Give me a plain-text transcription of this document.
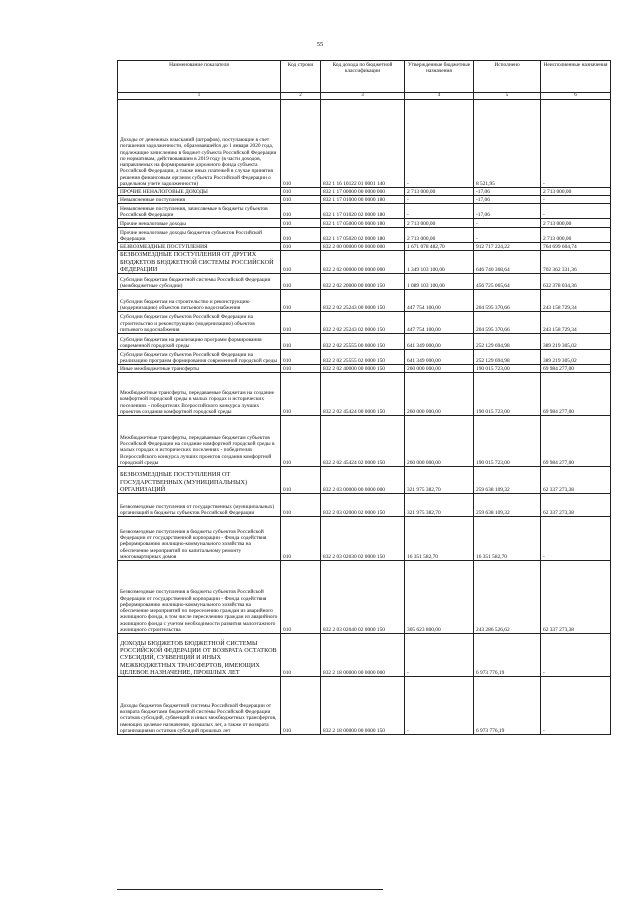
55
Наименование показателя	Код строки	Код дохода по бюджетной классификации	Утвержденные бюджетные назначения	Исполнено	Неисполненные назначения
1	2	3	4	5	6
Доходы от денежных взысканий (штрафов), поступающие в счет погашения задолженности, образовавшейся до 1 января 2020 года, подлежащие зачислению в бюджет субъекта Российской Федерации по нормативам, действовавшим в 2019 году (в части доходов, направляемых на формирование дорожного фонда субъекта Российской Федерации, а также иных платежей в случае принятия решения финансовым органом субъекта Российской Федерации о раздельном учете задолженности)	010	832 1 16 10122 01 0001 140	-	8 521,95	-
ПРОЧИЕ НЕНАЛОГОВЫЕ ДОХОДЫ	010	832 1 17 00000 00 0000 000	2 713 000,00	-17,06	2 713 000,00
Невыясненные поступления	010	832 1 17 01000 00 0000 180	-	-17,06	-
Невыясненные поступления, зачисляемые в бюджеты субъектов Российской Федерации	010	832 1 17 01020 02 0000 180	-	-17,06	-
Прочие неналоговые доходы	010	832 1 17 05000 00 0000 180	2 713 000,00	-	2 713 000,00
Прочие неналоговые доходы бюджетов субъектов Российской Федерации	010	832 1 17 05020 02 0000 180	2 713 000,00	-	2 713 000,00
БЕЗВОЗМЕЗДНЫЕ ПОСТУПЛЕНИЯ	010	832 2 00 00000 00 0000 000	1 671 078 482,70	912 717 224,22	764 699 604,74
БЕЗВОЗМЕЗДНЫЕ ПОСТУПЛЕНИЯ ОТ ДРУГИХ БЮДЖЕТОВ БЮДЖЕТНОЙ СИСТЕМЫ РОССИЙСКОЙ ФЕДЕРАЦИИ	010	832 2 02 00000 00 0000 000	1 349 103 100,00	646 740 368,64	702 362 331,36
Субсидии бюджетам бюджетной системы Российской Федерации (межбюджетные субсидии)	010	832 2 02 20000 00 0000 150	1 089 103 100,00	456 725 065,64	632 378 034,36
Субсидии бюджетам на строительство и реконструкцию (модернизацию) объектов питьевого водоснабжения	010	832 2 02 25243 00 0000 150	447 754 100,00	204 595 370,66	243 158 729,34
Субсидии бюджетам субъектов Российской Федерации на строительство и реконструкцию (модернизацию) объектов питьевого водоснабжения	010	832 2 02 25243 02 0000 150	447 754 100,00	204 595 370,66	243 158 729,34
Субсидии бюджетам на реализацию программ формирования современной городской среды	010	832 2 02 25555 00 0000 150	641 349 000,00	252 129 694,98	389 219 305,02
Субсидии бюджетам субъектов Российской Федерации на реализацию программ формирования современной городской среды	010	832 2 02 25555 02 0000 150	641 349 000,00	252 129 694,98	389 219 305,02
Иные межбюджетные трансферты	010	832 2 02 40000 00 0000 150	260 000 000,00	190 015 723,00	69 984 277,00
Межбюджетные трансферты, передаваемые бюджетам на создание комфортной городской среды в малых городах и исторических поселениях - победителях Всероссийского конкурса лучших проектов создания комфортной городской среды	010	832 2 02 45424 00 0000 150	260 000 000,00	190 015 723,00	69 984 277,00
Межбюджетные трансферты, передаваемые бюджетам субъектов Российской Федерации на создание комфортной городской среды в малых городах и исторических поселениях - победителях Всероссийского конкурса лучших проектов создания комфортной городской среды	010	832 2 02 45424 02 0000 150	260 000 000,00	190 015 723,00	69 984 277,00
БЕЗВОЗМЕЗДНЫЕ ПОСТУПЛЕНИЯ ОТ ГОСУДАРСТВЕННЫХ (МУНИЦИПАЛЬНЫХ) ОРГАНИЗАЦИЙ	010	832 2 03 00000 00 0000 000	321 975 382,70	259 638 109,32	62 337 273,38
Безвозмездные поступления от государственных (муниципальных) организаций в бюджеты субъектов Российской Федерации	010	832 2 03 02000 02 0000 150	321 975 382,70	259 638 109,32	62 337 273,38
Безвозмездные поступления в бюджеты субъектов Российской Федерации от государственной корпорации - Фонда содействия реформированию жилищно-коммунального хозяйства на обеспечение мероприятий по капитальному ремонту многоквартирных домов	010	832 2 03 02030 02 0000 150	16 351 582,70	16 351 582,70	-
Безвозмездные поступления в бюджеты субъектов Российской Федерации от государственной корпорации - Фонда содействия реформированию жилищно-коммунального хозяйства на обеспечение мероприятий по переселению граждан из аварийного жилищного фонда, в том числе переселению граждан из аварийного жилищного фонда с учетом необходимости развития малоэтажного жилищного строительства	010	832 2 03 02040 02 0000 150	305 623 800,00	243 286 526,62	62 337 273,38
ДОХОДЫ БЮДЖЕТОВ БЮДЖЕТНОЙ СИСТЕМЫ РОССИЙСКОЙ ФЕДЕРАЦИИ ОТ ВОЗВРАТА ОСТАТКОВ СУБСИДИЙ, СУБВЕНЦИЙ И ИНЫХ МЕЖБЮДЖЕТНЫХ ТРАНСФЕРТОВ, ИМЕЮЩИХ ЦЕЛЕВОЕ НАЗНАЧЕНИЕ, ПРОШЛЫХ ЛЕТ	010	832 2 18 00000 00 0000 000	-	6 973 776,19	-
Доходы бюджетов бюджетной системы Российской Федерации от возврата бюджетами бюджетной системы Российской Федерации остатков субсидий, субвенций и иных межбюджетных трансфертов, имеющих целевое назначение, прошлых лет, а также от возврата организациями остатков субсидий прошлых лет	010	832 2 18 00000 00 0000 150	-	6 973 776,19	-
